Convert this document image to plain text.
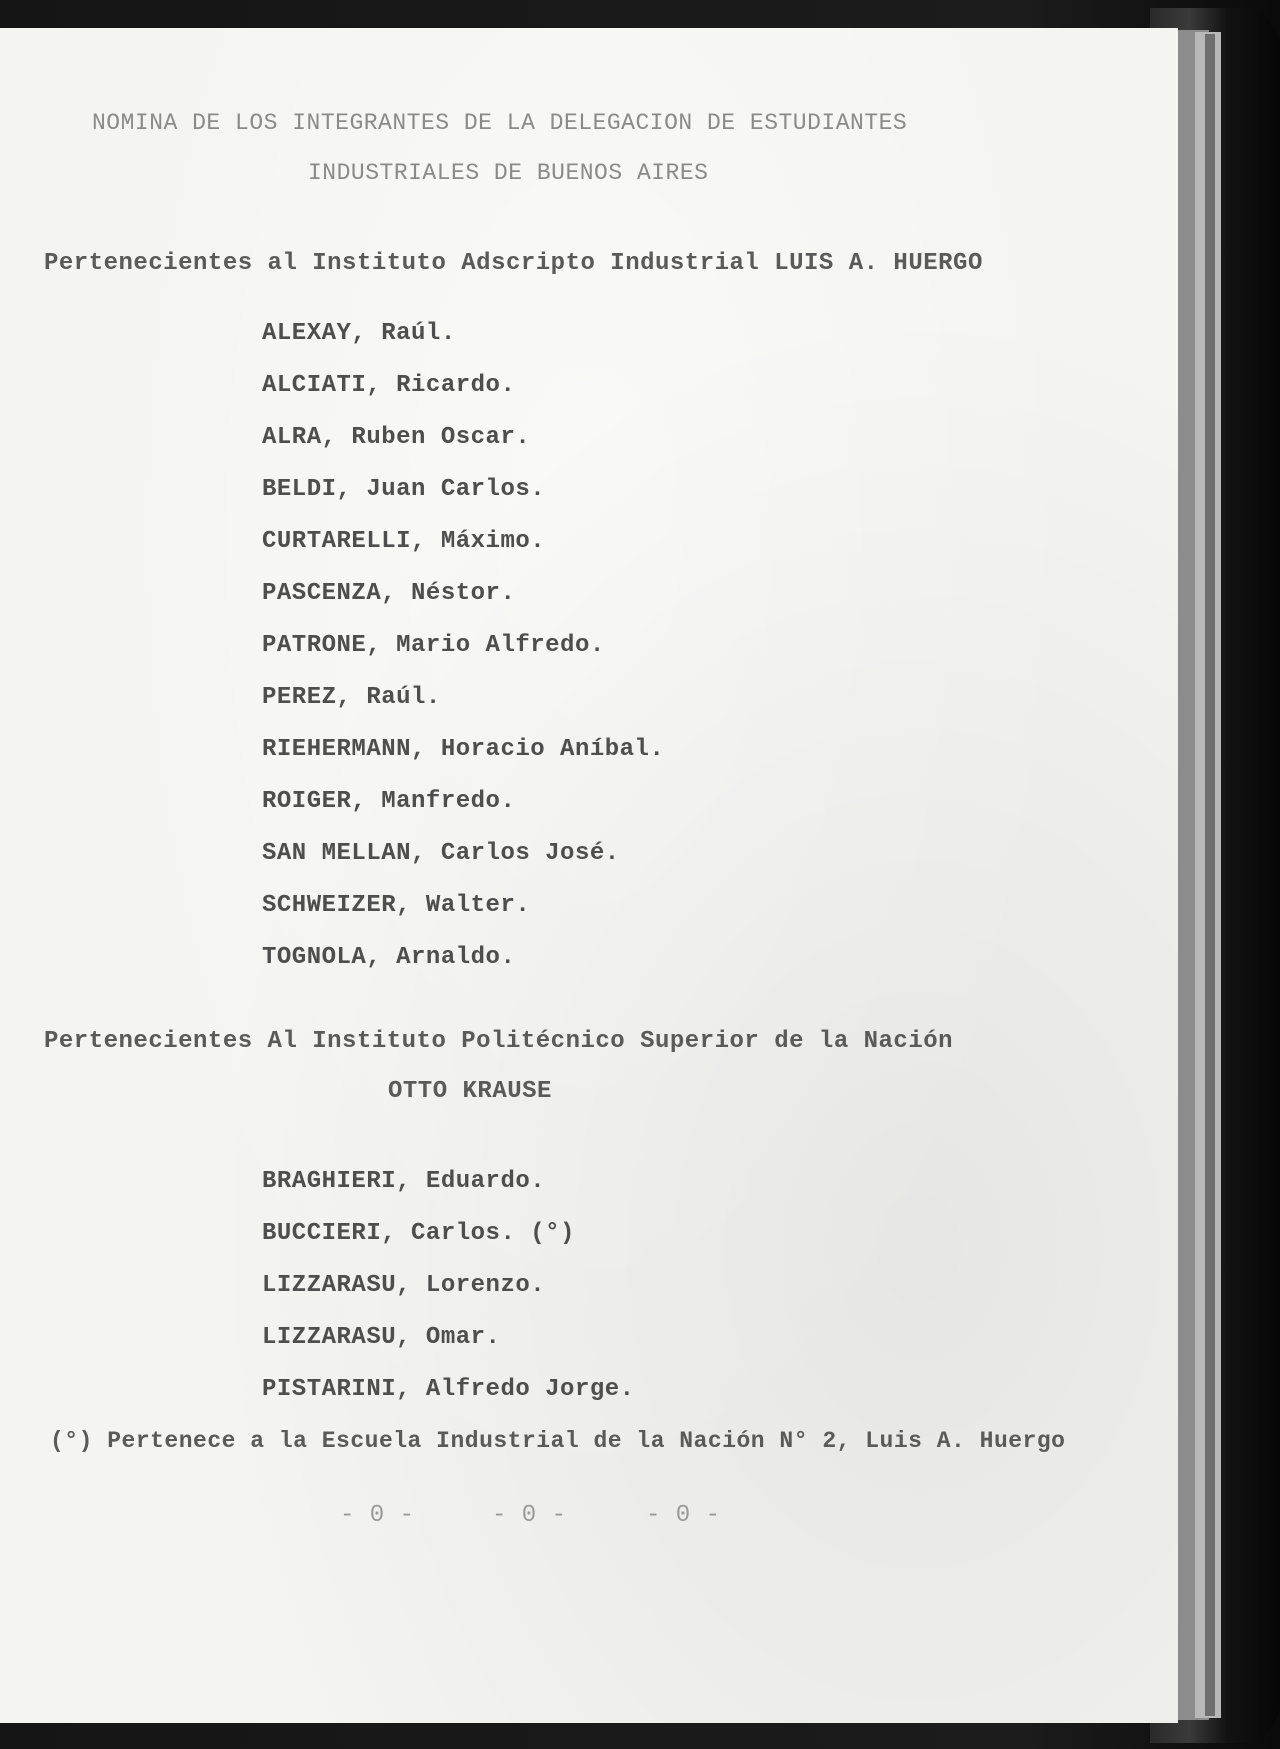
NOMINA DE LOS INTEGRANTES DE LA DELEGACION DE ESTUDIANTES
INDUSTRIALES DE BUENOS AIRES
Pertenecientes al Instituto Adscripto Industrial LUIS A. HUERGO
ALEXAY, Raúl.
ALCIATI, Ricardo.
ALRA, Ruben Oscar.
BELDI, Juan Carlos.
CURTARELLI, Máximo.
PASCENZA, Néstor.
PATRONE, Mario Alfredo.
PEREZ, Raúl.
RIEHERMANN, Horacio Aníbal.
ROIGER, Manfredo.
SAN MELLAN, Carlos José.
SCHWEIZER, Walter.
TOGNOLA, Arnaldo.
Pertenecientes Al Instituto Politécnico Superior de la Nación
OTTO KRAUSE
BRAGHIERI, Eduardo.
BUCCIERI, Carlos. (°)
LIZZARASU, Lorenzo.
LIZZARASU, Omar.
PISTARINI, Alfredo Jorge.
(°) Pertenece a la Escuela Industrial de la Nación N° 2, Luis A. Huergo
- 0 -	- 0 -	- 0 -
